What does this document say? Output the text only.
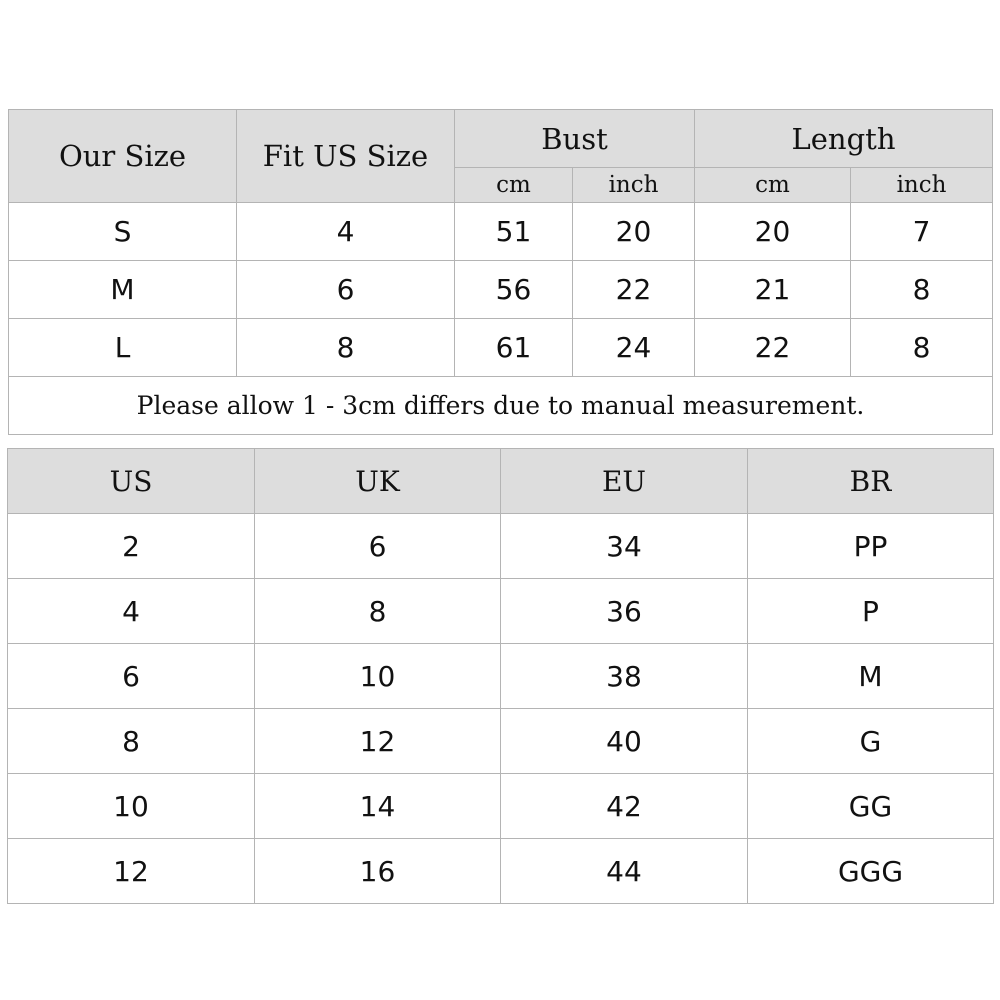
Our Size	Fit US Size	Bust		Length	
		cm	inch	cm	inch
S	4	51	20	20	7
M	6	56	22	21	8
L	8	61	24	22	8
Please allow 1 - 3cm differs due to manual measurement.					
US	UK	EU	BR
2	6	34	PP
4	8	36	P
6	10	38	M
8	12	40	G
10	14	42	GG
12	16	44	GGG
